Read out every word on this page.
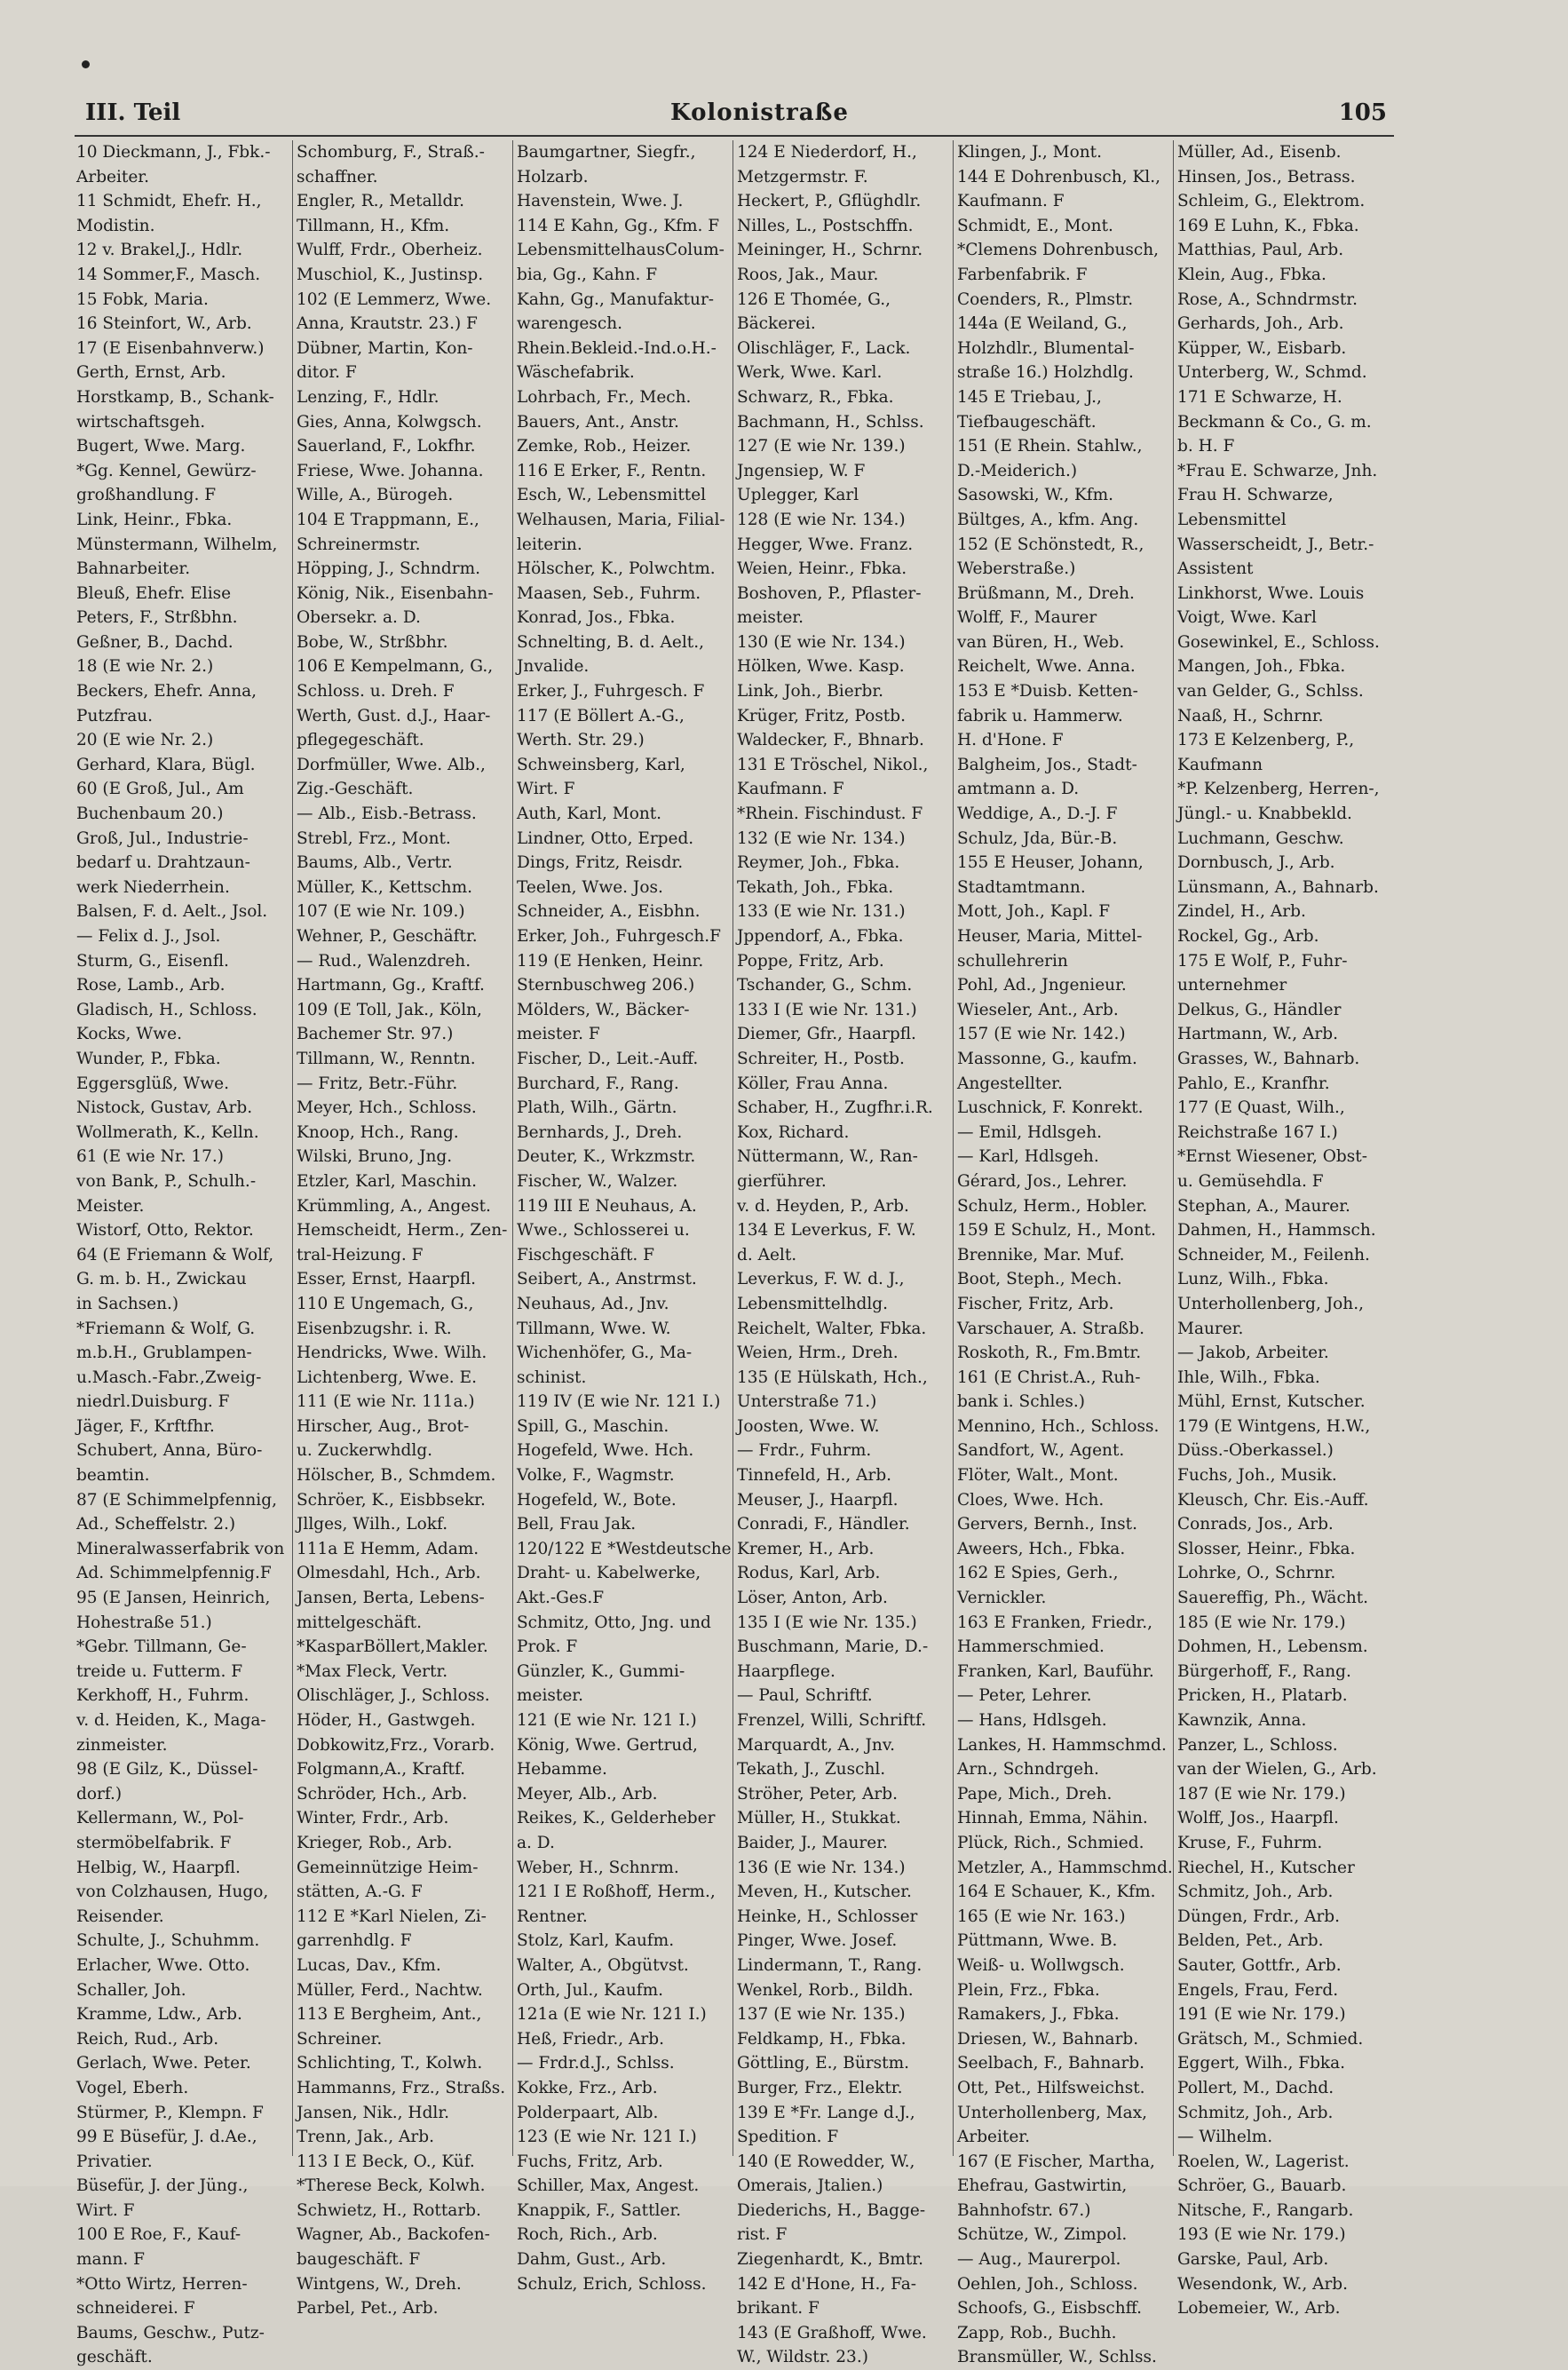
III. Teil	Kolonistraße	105
10 Dieckmann, J., Fbk.-
Arbeiter.
11 Schmidt, Ehefr. H.,
Modistin.
12 v. Brakel,J., Hdlr.
14 Sommer,F., Masch.
15 Fobk, Maria.
16 Steinfort, W., Arb.
17 (E Eisenbahnverw.)
Gerth, Ernst, Arb.
Horstkamp, B., Schank-
wirtschaftsgeh.
Bugert, Wwe. Marg.
*Gg. Kennel, Gewürz-
großhandlung. F
Link, Heinr., Fbka.
Münstermann, Wilhelm,
Bahnarbeiter.
Bleuß, Ehefr. Elise
Peters, F., Strßbhn.
Geßner, B., Dachd.
18 (E wie Nr. 2.)
Beckers, Ehefr. Anna,
Putzfrau.
20 (E wie Nr. 2.)
Gerhard, Klara, Bügl.
60 (E Groß, Jul., Am
Buchenbaum 20.)
Groß, Jul., Industrie-
bedarf u. Drahtzaun-
werk Niederrhein.
Balsen, F. d. Aelt., Jsol.
— Felix d. J., Jsol.
Sturm, G., Eisenfl.
Rose, Lamb., Arb.
Gladisch, H., Schloss.
Kocks, Wwe.
Wunder, P., Fbka.
Eggersglüß, Wwe.
Nistock, Gustav, Arb.
Wollmerath, K., Kelln.
61 (E wie Nr. 17.)
von Bank, P., Schulh.-
Meister.
Wistorf, Otto, Rektor.
64 (E Friemann & Wolf,
G. m. b. H., Zwickau
in Sachsen.)
*Friemann & Wolf, G.
m.b.H., Grublampen-
u.Masch.-Fabr.,Zweig-
niedrl.Duisburg. F
Jäger, F., Krftfhr.
Schubert, Anna, Büro-
beamtin.
87 (E Schimmelpfennig,
Ad., Scheffelstr. 2.)
Mineralwasserfabrik von
Ad. Schimmelpfennig.F
95 (E Jansen, Heinrich,
Hohestraße 51.)
*Gebr. Tillmann, Ge-
treide u. Futterm. F
Kerkhoff, H., Fuhrm.
v. d. Heiden, K., Maga-
zinmeister.
98 (E Gilz, K., Düssel-
dorf.)
Kellermann, W., Pol-
stermöbelfabrik. F
Helbig, W., Haarpfl.
von Colzhausen, Hugo,
Reisender.
Schulte, J., Schuhmm.
Erlacher, Wwe. Otto.
Schaller, Joh.
Kramme, Ldw., Arb.
Reich, Rud., Arb.
Gerlach, Wwe. Peter.
Vogel, Eberh.
Stürmer, P., Klempn. F
99 E Büsefür, J. d.Ae.,
Privatier.
Büsefür, J. der Jüng.,
Wirt. F
100 E Roe, F., Kauf-
mann. F
*Otto Wirtz, Herren-
schneiderei. F
Baums, Geschw., Putz-
geschäft.
Schomburg, F., Straß.-
schaffner.
Engler, R., Metalldr.
Tillmann, H., Kfm.
Wulff, Frdr., Oberheiz.
Muschiol, K., Justinsp.
102 (E Lemmerz, Wwe.
Anna, Krautstr. 23.) F
Dübner, Martin, Kon-
ditor. F
Lenzing, F., Hdlr.
Gies, Anna, Kolwgsch.
Sauerland, F., Lokfhr.
Friese, Wwe. Johanna.
Wille, A., Bürogeh.
104 E Trappmann, E.,
Schreinermstr.
Höpping, J., Schndrm.
König, Nik., Eisenbahn-
Obersekr. a. D.
Bobe, W., Strßbhr.
106 E Kempelmann, G.,
Schloss. u. Dreh. F
Werth, Gust. d.J., Haar-
pflegegeschäft.
Dorfmüller, Wwe. Alb.,
Zig.-Geschäft.
— Alb., Eisb.-Betrass.
Strebl, Frz., Mont.
Baums, Alb., Vertr.
Müller, K., Kettschm.
107 (E wie Nr. 109.)
Wehner, P., Geschäftr.
— Rud., Walenzdreh.
Hartmann, Gg., Kraftf.
109 (E Toll, Jak., Köln,
Bachemer Str. 97.)
Tillmann, W., Renntn.
— Fritz, Betr.-Führ.
Meyer, Hch., Schloss.
Knoop, Hch., Rang.
Wilski, Bruno, Jng.
Etzler, Karl, Maschin.
Krümmling, A., Angest.
Hemscheidt, Herm., Zen-
tral-Heizung. F
Esser, Ernst, Haarpfl.
110 E Ungemach, G.,
Eisenbzugshr. i. R.
Hendricks, Wwe. Wilh.
Lichtenberg, Wwe. E.
111 (E wie Nr. 111a.)
Hirscher, Aug., Brot-
u. Zuckerwhdlg.
Hölscher, B., Schmdem.
Schröer, K., Eisbbsekr.
Jllges, Wilh., Lokf.
111a E Hemm, Adam.
Olmesdahl, Hch., Arb.
Jansen, Berta, Lebens-
mittelgeschäft.
*KasparBöllert,Makler.
*Max Fleck, Vertr.
Olischläger, J., Schloss.
Höder, H., Gastwgeh.
Dobkowitz,Frz., Vorarb.
Folgmann,A., Kraftf.
Schröder, Hch., Arb.
Winter, Frdr., Arb.
Krieger, Rob., Arb.
Gemeinnützige Heim-
stätten, A.-G. F
112 E *Karl Nielen, Zi-
garrenhdlg. F
Lucas, Dav., Kfm.
Müller, Ferd., Nachtw.
113 E Bergheim, Ant.,
Schreiner.
Schlichting, T., Kolwh.
Hammanns, Frz., Straßs.
Jansen, Nik., Hdlr.
Trenn, Jak., Arb.
113 I E Beck, O., Küf.
*Therese Beck, Kolwh.
Schwietz, H., Rottarb.
Wagner, Ab., Backofen-
baugeschäft. F
Wintgens, W., Dreh.
Parbel, Pet., Arb.
Baumgartner, Siegfr.,
Holzarb.
Havenstein, Wwe. J.
114 E Kahn, Gg., Kfm. F
LebensmittelhausColum-
bia, Gg., Kahn. F
Kahn, Gg., Manufaktur-
warengesch.
Rhein.Bekleid.-Ind.o.H.-
Wäschefabrik.
Lohrbach, Fr., Mech.
Bauers, Ant., Anstr.
Zemke, Rob., Heizer.
116 E Erker, F., Rentn.
Esch, W., Lebensmittel
Welhausen, Maria, Filial-
leiterin.
Hölscher, K., Polwchtm.
Maasen, Seb., Fuhrm.
Konrad, Jos., Fbka.
Schnelting, B. d. Aelt.,
Jnvalide.
Erker, J., Fuhrgesch. F
117 (E Böllert A.-G.,
Werth. Str. 29.)
Schweinsberg, Karl,
Wirt. F
Auth, Karl, Mont.
Lindner, Otto, Erped.
Dings, Fritz, Reisdr.
Teelen, Wwe. Jos.
Schneider, A., Eisbhn.
Erker, Joh., Fuhrgesch.F
119 (E Henken, Heinr.
Sternbuschweg 206.)
Mölders, W., Bäcker-
meister. F
Fischer, D., Leit.-Auff.
Burchard, F., Rang.
Plath, Wilh., Gärtn.
Bernhards, J., Dreh.
Deuter, K., Wrkzmstr.
Fischer, W., Walzer.
119 III E Neuhaus, A.
Wwe., Schlosserei u.
Fischgeschäft. F
Seibert, A., Anstrmst.
Neuhaus, Ad., Jnv.
Tillmann, Wwe. W.
Wichenhöfer, G., Ma-
schinist.
119 IV (E wie Nr. 121 I.)
Spill, G., Maschin.
Hogefeld, Wwe. Hch.
Volke, F., Wagmstr.
Hogefeld, W., Bote.
Bell, Frau Jak.
120/122 E *Westdeutsche
Draht- u. Kabelwerke,
Akt.-Ges.F
Schmitz, Otto, Jng. und
Prok. F
Günzler, K., Gummi-
meister.
121 (E wie Nr. 121 I.)
König, Wwe. Gertrud,
Hebamme.
Meyer, Alb., Arb.
Reikes, K., Gelderheber
a. D.
Weber, H., Schnrm.
121 I E Roßhoff, Herm.,
Rentner.
Stolz, Karl, Kaufm.
Walter, A., Obgütvst.
Orth, Jul., Kaufm.
121a (E wie Nr. 121 I.)
Heß, Friedr., Arb.
— Frdr.d.J., Schlss.
Kokke, Frz., Arb.
Polderpaart, Alb.
123 (E wie Nr. 121 I.)
Fuchs, Fritz, Arb.
Schiller, Max, Angest.
Knappik, F., Sattler.
Roch, Rich., Arb.
Dahm, Gust., Arb.
Schulz, Erich, Schloss.
124 E Niederdorf, H.,
Metzgermstr. F.
Heckert, P., Gflüghdlr.
Nilles, L., Postschffn.
Meininger, H., Schrnr.
Roos, Jak., Maur.
126 E Thomée, G.,
Bäckerei.
Olischläger, F., Lack.
Werk, Wwe. Karl.
Schwarz, R., Fbka.
Bachmann, H., Schlss.
127 (E wie Nr. 139.)
Jngensiep, W. F
Uplegger, Karl
128 (E wie Nr. 134.)
Hegger, Wwe. Franz.
Weien, Heinr., Fbka.
Boshoven, P., Pflaster-
meister.
130 (E wie Nr. 134.)
Hölken, Wwe. Kasp.
Link, Joh., Bierbr.
Krüger, Fritz, Postb.
Waldecker, F., Bhnarb.
131 E Tröschel, Nikol.,
Kaufmann. F
*Rhein. Fischindust. F
132 (E wie Nr. 134.)
Reymer, Joh., Fbka.
Tekath, Joh., Fbka.
133 (E wie Nr. 131.)
Jppendorf, A., Fbka.
Poppe, Fritz, Arb.
Tschander, G., Schm.
133 I (E wie Nr. 131.)
Diemer, Gfr., Haarpfl.
Schreiter, H., Postb.
Köller, Frau Anna.
Schaber, H., Zugfhr.i.R.
Kox, Richard.
Nüttermann, W., Ran-
gierführer.
v. d. Heyden, P., Arb.
134 E Leverkus, F. W.
d. Aelt.
Leverkus, F. W. d. J.,
Lebensmittelhdlg.
Reichelt, Walter, Fbka.
Weien, Hrm., Dreh.
135 (E Hülskath, Hch.,
Unterstraße 71.)
Joosten, Wwe. W.
— Frdr., Fuhrm.
Tinnefeld, H., Arb.
Meuser, J., Haarpfl.
Conradi, F., Händler.
Kremer, H., Arb.
Rodus, Karl, Arb.
Löser, Anton, Arb.
135 I (E wie Nr. 135.)
Buschmann, Marie, D.-
Haarpflege.
— Paul, Schriftf.
Frenzel, Willi, Schriftf.
Marquardt, A., Jnv.
Tekath, J., Zuschl.
Ströher, Peter, Arb.
Müller, H., Stukkat.
Baider, J., Maurer.
136 (E wie Nr. 134.)
Meven, H., Kutscher.
Heinke, H., Schlosser
Pinger, Wwe. Josef.
Lindermann, T., Rang.
Wenkel, Rorb., Bildh.
137 (E wie Nr. 135.)
Feldkamp, H., Fbka.
Göttling, E., Bürstm.
Burger, Frz., Elektr.
139 E *Fr. Lange d.J.,
Spedition. F
140 (E Rowedder, W.,
Omerais, Jtalien.)
Diederichs, H., Bagge-
rist. F
Ziegenhardt, K., Bmtr.
142 E d'Hone, H., Fa-
brikant. F
143 (E Graßhoff, Wwe.
W., Wildstr. 23.)
Klingen, J., Mont.
144 E Dohrenbusch, Kl.,
Kaufmann. F
Schmidt, E., Mont.
*Clemens Dohrenbusch,
Farbenfabrik. F
Coenders, R., Plmstr.
144a (E Weiland, G.,
Holzhdlr., Blumental-
straße 16.) Holzhdlg.
145 E Triebau, J.,
Tiefbaugeschäft.
151 (E Rhein. Stahlw.,
D.-Meiderich.)
Sasowski, W., Kfm.
Bültges, A., kfm. Ang.
152 (E Schönstedt, R.,
Weberstraße.)
Brüßmann, M., Dreh.
Wolff, F., Maurer
van Büren, H., Web.
Reichelt, Wwe. Anna.
153 E *Duisb. Ketten-
fabrik u. Hammerw.
H. d'Hone. F
Balgheim, Jos., Stadt-
amtmann a. D.
Weddige, A., D.-J. F
Schulz, Jda, Bür.-B.
155 E Heuser, Johann,
Stadtamtmann.
Mott, Joh., Kapl. F
Heuser, Maria, Mittel-
schullehrerin
Pohl, Ad., Jngenieur.
Wieseler, Ant., Arb.
157 (E wie Nr. 142.)
Massonne, G., kaufm.
Angestellter.
Luschnick, F. Konrekt.
— Emil, Hdlsgeh.
— Karl, Hdlsgeh.
Gérard, Jos., Lehrer.
Schulz, Herm., Hobler.
159 E Schulz, H., Mont.
Brennike, Mar. Muf.
Boot, Steph., Mech.
Fischer, Fritz, Arb.
Varschauer, A. Straßb.
Roskoth, R., Fm.Bmtr.
161 (E Christ.A., Ruh-
bank i. Schles.)
Mennino, Hch., Schloss.
Sandfort, W., Agent.
Flöter, Walt., Mont.
Cloes, Wwe. Hch.
Gervers, Bernh., Inst.
Aweers, Hch., Fbka.
162 E Spies, Gerh.,
Vernickler.
163 E Franken, Friedr.,
Hammerschmied.
Franken, Karl, Bauführ.
— Peter, Lehrer.
— Hans, Hdlsgeh.
Lankes, H. Hammschmd.
Arn., Schndrgeh.
Pape, Mich., Dreh.
Hinnah, Emma, Nähin.
Plück, Rich., Schmied.
Metzler, A., Hammschmd.
164 E Schauer, K., Kfm.
165 (E wie Nr. 163.)
Püttmann, Wwe. B.
Weiß- u. Wollwgsch.
Plein, Frz., Fbka.
Ramakers, J., Fbka.
Driesen, W., Bahnarb.
Seelbach, F., Bahnarb.
Ott, Pet., Hilfsweichst.
Unterhollenberg, Max,
Arbeiter.
167 (E Fischer, Martha,
Ehefrau, Gastwirtin,
Bahnhofstr. 67.)
Schütze, W., Zimpol.
— Aug., Maurerpol.
Oehlen, Joh., Schloss.
Schoofs, G., Eisbschff.
Zapp, Rob., Buchh.
Bransmüller, W., Schlss.
Müller, Ad., Eisenb.
Hinsen, Jos., Betrass.
Schleim, G., Elektrom.
169 E Luhn, K., Fbka.
Matthias, Paul, Arb.
Klein, Aug., Fbka.
Rose, A., Schndrmstr.
Gerhards, Joh., Arb.
Küpper, W., Eisbarb.
Unterberg, W., Schmd.
171 E Schwarze, H.
Beckmann & Co., G. m.
b. H. F
*Frau E. Schwarze, Jnh.
Frau H. Schwarze,
Lebensmittel
Wasserscheidt, J., Betr.-
Assistent
Linkhorst, Wwe. Louis
Voigt, Wwe. Karl
Gosewinkel, E., Schloss.
Mangen, Joh., Fbka.
van Gelder, G., Schlss.
Naaß, H., Schrnr.
173 E Kelzenberg, P.,
Kaufmann
*P. Kelzenberg, Herren-,
Jüngl.- u. Knabbekld.
Luchmann, Geschw.
Dornbusch, J., Arb.
Lünsmann, A., Bahnarb.
Zindel, H., Arb.
Rockel, Gg., Arb.
175 E Wolf, P., Fuhr-
unternehmer
Delkus, G., Händler
Hartmann, W., Arb.
Grasses, W., Bahnarb.
Pahlo, E., Kranfhr.
177 (E Quast, Wilh.,
Reichstraße 167 I.)
*Ernst Wiesener, Obst-
u. Gemüsehdla. F
Stephan, A., Maurer.
Dahmen, H., Hammsch.
Schneider, M., Feilenh.
Lunz, Wilh., Fbka.
Unterhollenberg, Joh.,
Maurer.
— Jakob, Arbeiter.
Ihle, Wilh., Fbka.
Mühl, Ernst, Kutscher.
179 (E Wintgens, H.W.,
Düss.-Oberkassel.)
Fuchs, Joh., Musik.
Kleusch, Chr. Eis.-Auff.
Conrads, Jos., Arb.
Slosser, Heinr., Fbka.
Lohrke, O., Schrnr.
Sauereffig, Ph., Wächt.
185 (E wie Nr. 179.)
Dohmen, H., Lebensm.
Bürgerhoff, F., Rang.
Pricken, H., Platarb.
Kawnzik, Anna.
Panzer, L., Schloss.
van der Wielen, G., Arb.
187 (E wie Nr. 179.)
Wolff, Jos., Haarpfl.
Kruse, F., Fuhrm.
Riechel, H., Kutscher
Schmitz, Joh., Arb.
Düngen, Frdr., Arb.
Belden, Pet., Arb.
Sauter, Gottfr., Arb.
Engels, Frau, Ferd.
191 (E wie Nr. 179.)
Grätsch, M., Schmied.
Eggert, Wilh., Fbka.
Pollert, M., Dachd.
Schmitz, Joh., Arb.
— Wilhelm.
Roelen, W., Lagerist.
Schröer, G., Bauarb.
Nitsche, F., Rangarb.
193 (E wie Nr. 179.)
Garske, Paul, Arb.
Wesendonk, W., Arb.
Lobemeier, W., Arb.
